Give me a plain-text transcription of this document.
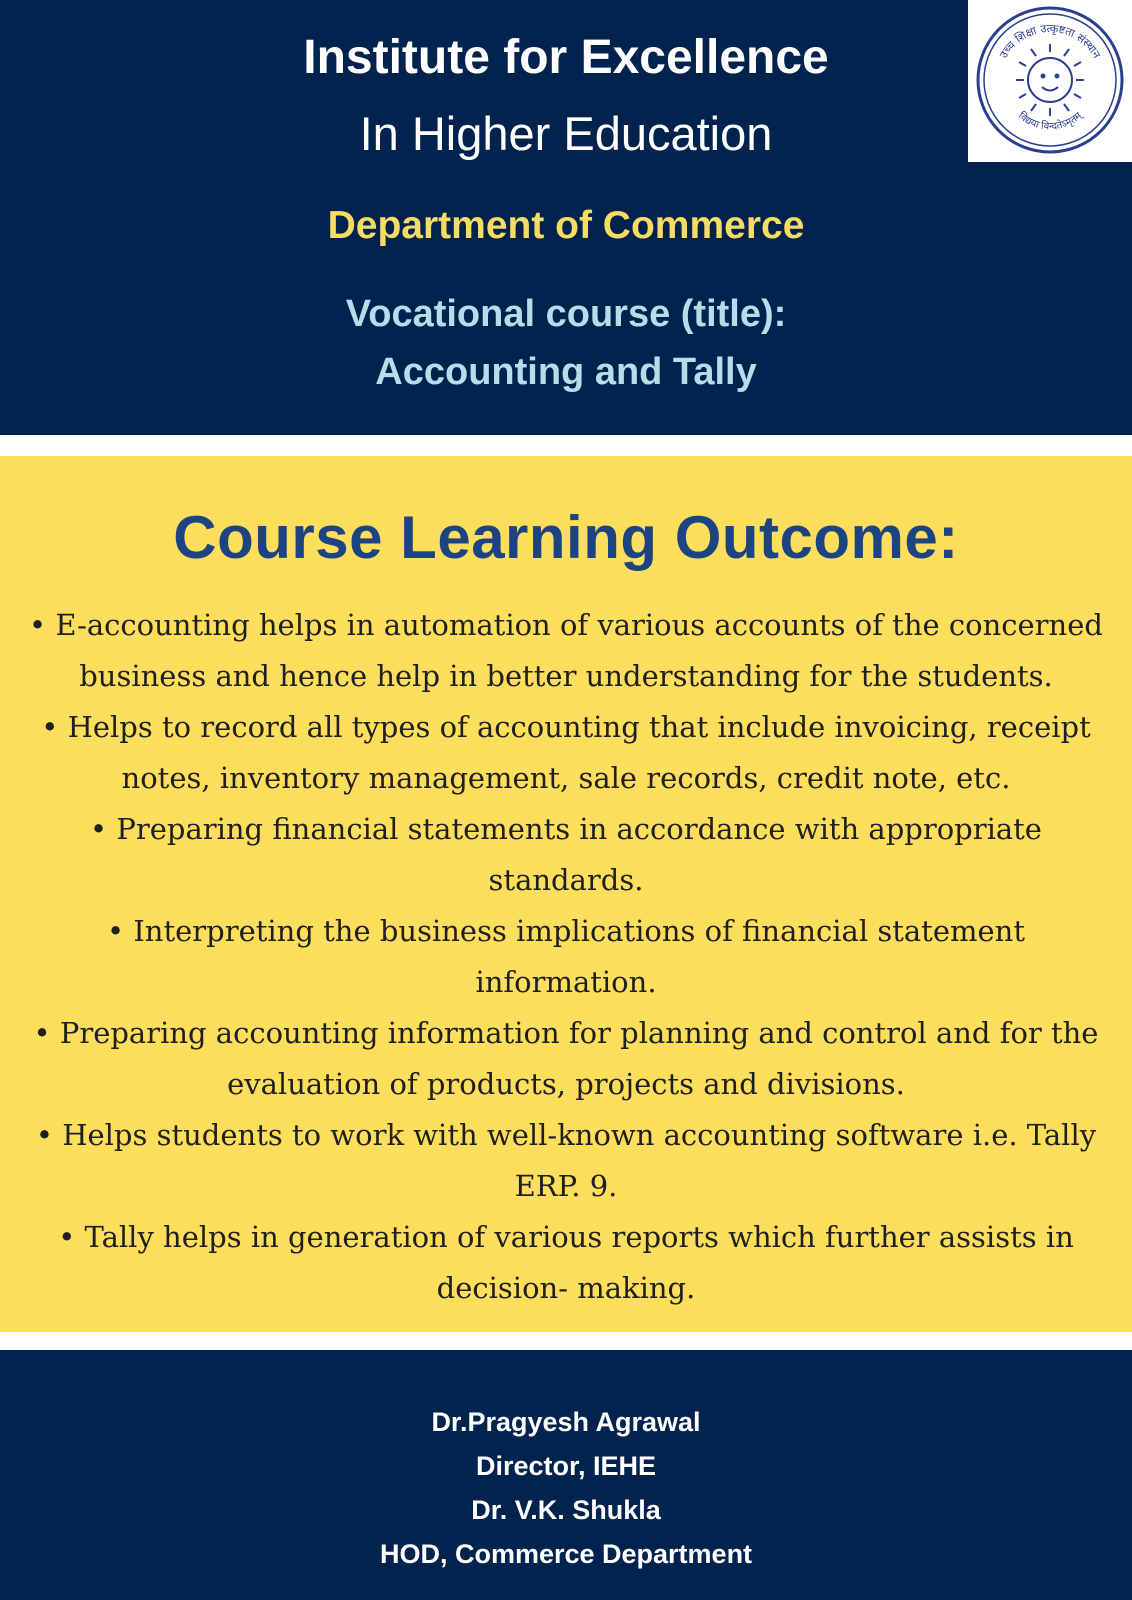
उच्च शिक्षा उत्कृष्टता संस्थान
विद्यया विन्दतेऽमृतम्
Institute for Excellence
In Higher Education
Department of Commerce
Vocational course (title):
Accounting and Tally
Course Learning Outcome:
• E-accounting helps in automation of various accounts of the concerned business and hence help in better understanding for the students.
• Helps to record all types of accounting that include invoicing, receipt notes, inventory management, sale records, credit note, etc.
• Preparing financial statements in accordance with appropriate standards.
• Interpreting the business implications of financial statement information.
• Preparing accounting information for planning and control and for the evaluation of products, projects and divisions.
• Helps students to work with well-known accounting software i.e. Tally ERP. 9.
• Tally helps in generation of various reports which further assists in decision- making.
Dr.Pragyesh Agrawal
Director, IEHE
Dr. V.K. Shukla
HOD, Commerce Department
